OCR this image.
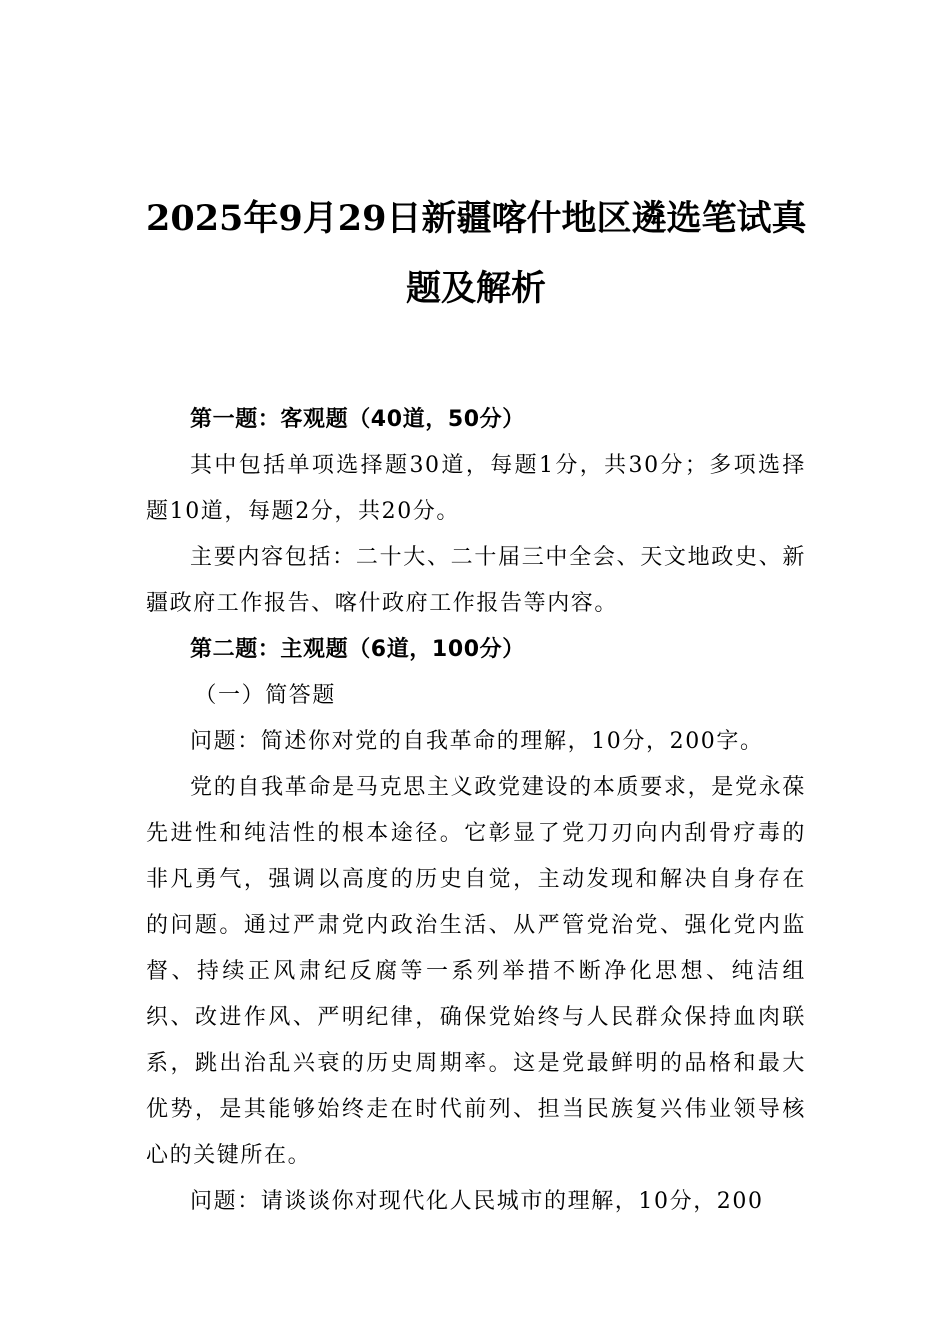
2025年9月29日新疆喀什地区遴选笔试真
题及解析

第一题：客观题（40道，50分）

其中包括单项选择题30道，每题1分，共30分；多项选择题10道，每题2分，共20分。

主要内容包括：二十大、二十届三中全会、天文地政史、新疆政府工作报告、喀什政府工作报告等内容。

第二题：主观题（6道，100分）

（一）简答题

问题：简述你对党的自我革命的理解，10分，200字。

党的自我革命是马克思主义政党建设的本质要求，是党永葆先进性和纯洁性的根本途径。它彰显了党刀刃向内刮骨疗毒的非凡勇气，强调以高度的历史自觉，主动发现和解决自身存在的问题。通过严肃党内政治生活、从严管党治党、强化党内监督、持续正风肃纪反腐等一系列举措不断净化思想、纯洁组织、改进作风、严明纪律，确保党始终与人民群众保持血肉联系，跳出治乱兴衰的历史周期率。这是党最鲜明的品格和最大优势，是其能够始终走在时代前列、担当民族复兴伟业领导核心的关键所在。

问题：请谈谈你对现代化人民城市的理解，10分，200
